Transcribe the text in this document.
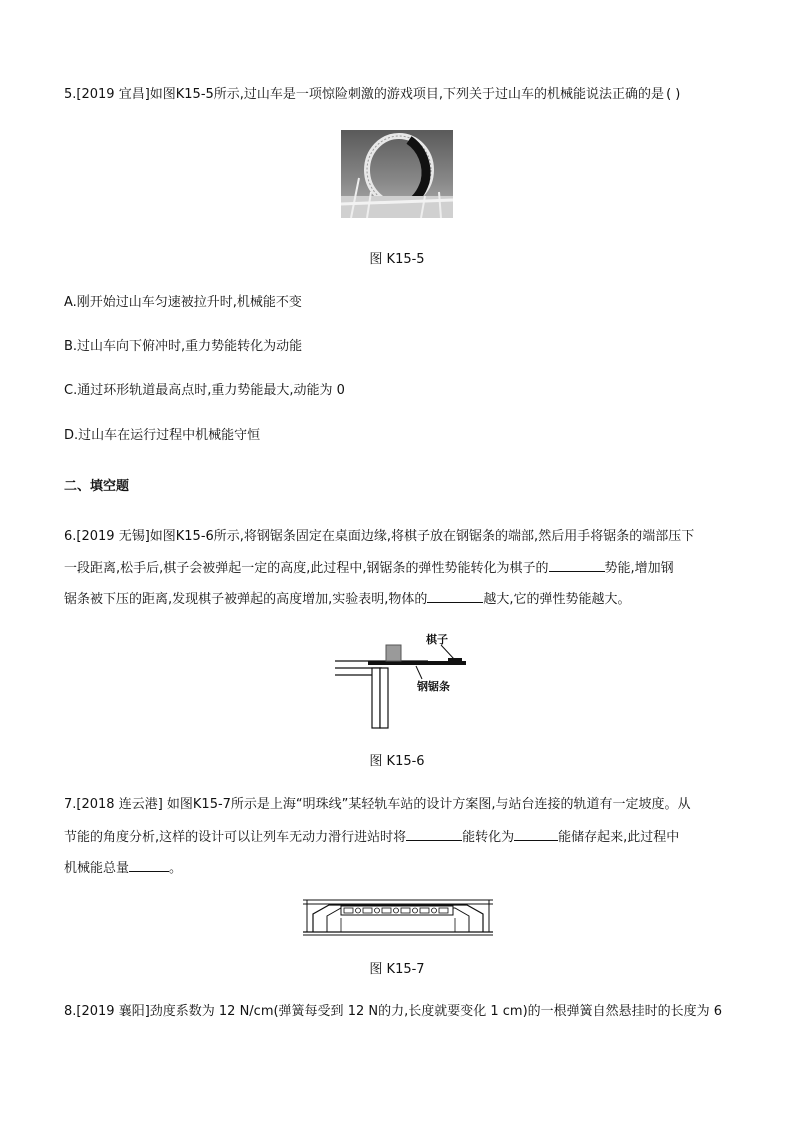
5.[2019 宜昌]如图K15-5所示,过山车是一项惊险刺激的游戏项目,下列关于过山车的机械能说法正确的是 ( )
图 K15-5
A.刚开始过山车匀速被拉升时,机械能不变
B.过山车向下俯冲时,重力势能转化为动能
C.通过环形轨道最高点时,重力势能最大,动能为 0
D.过山车在运行过程中机械能守恒
二、填空题
6.[2019 无锡]如图K15-6所示,将钢锯条固定在桌面边缘,将棋子放在钢锯条的端部,然后用手将锯条的端部压下
一段距离,松手后,棋子会被弹起一定的高度,此过程中,钢锯条的弹性势能转化为棋子的	势能,增加钢
锯条被下压的距离,发现棋子被弹起的高度增加,实验表明,物体的	越大,它的弹性势能越大。
棋子
钢锯条
图 K15-6
7.[2018 连云港] 如图K15-7所示是上海“明珠线”某轻轨车站的设计方案图,与站台连接的轨道有一定坡度。从
节能的角度分析,这样的设计可以让列车无动力滑行进站时将	能转化为	能储存起来,此过程中
机械能总量	。
图 K15-7
8.[2019 襄阳]劲度系数为 12 N/cm(弹簧每受到 12 N的力,长度就要变化 1 cm)的一根弹簧自然悬挂时的长度为 6
